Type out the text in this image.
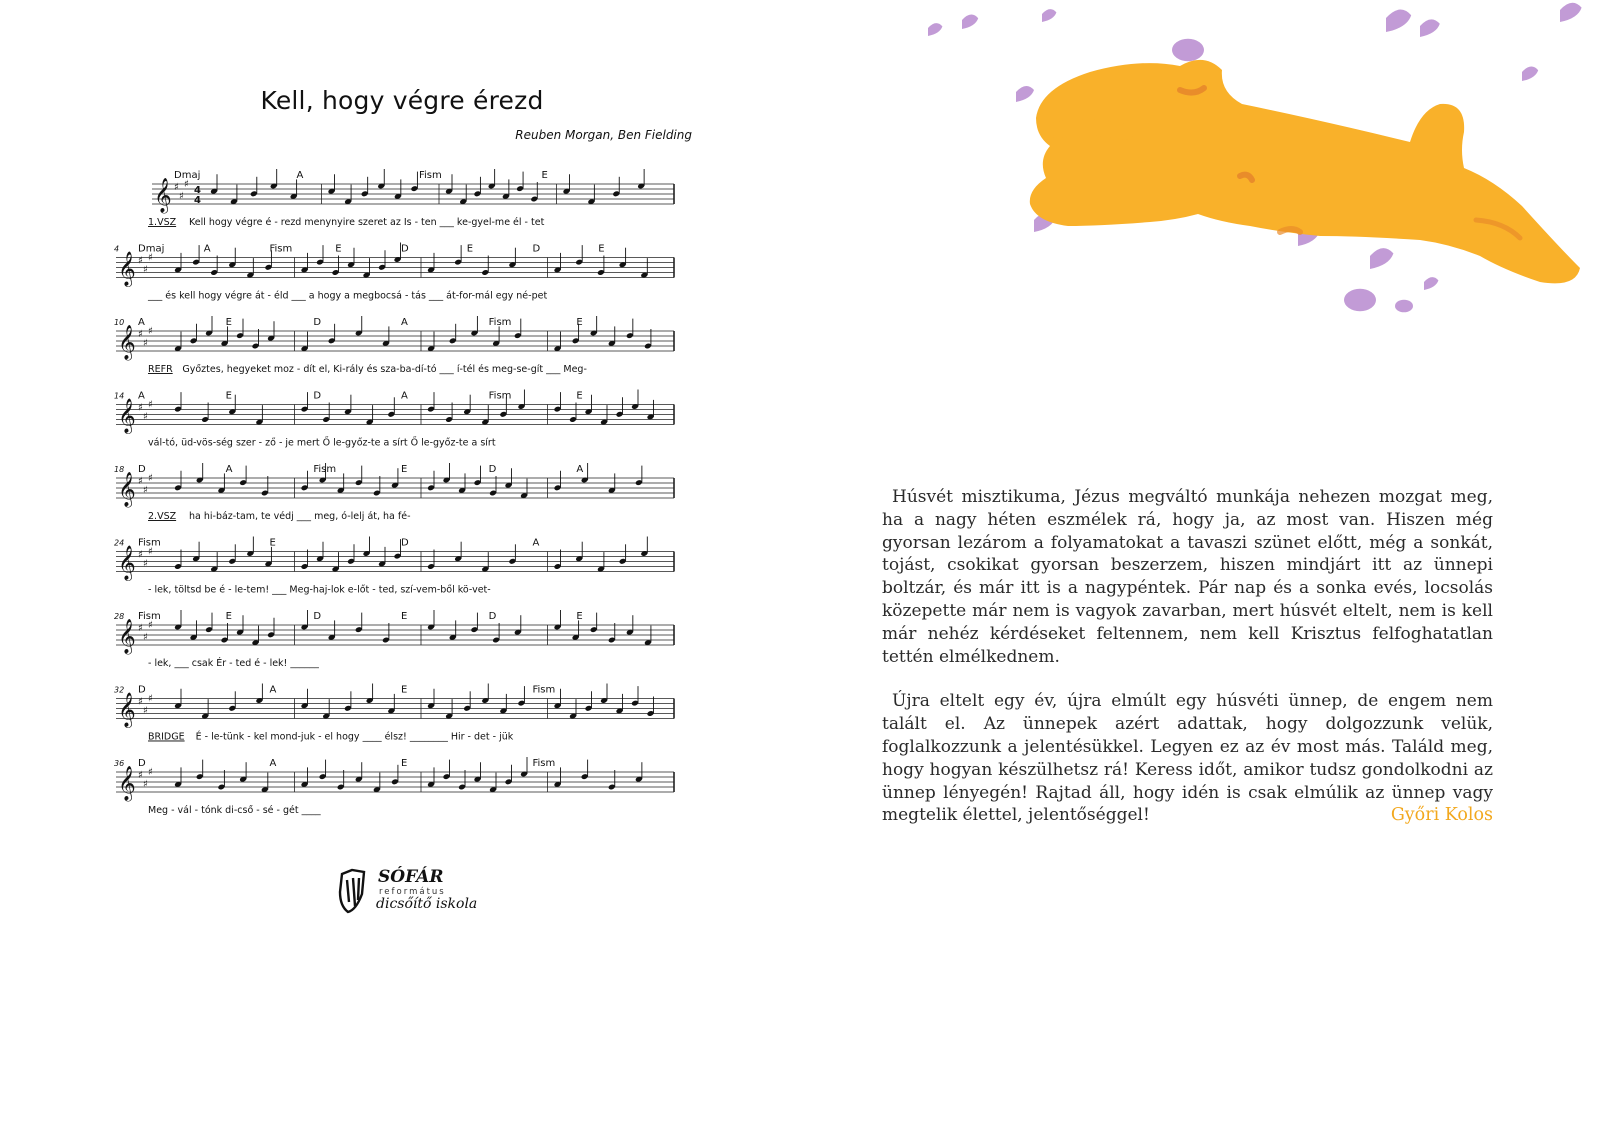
Kell, hogy végre érezd
Reuben Morgan, Ben Fielding
𝄞 ♯
♯
♯
4
4
Dmaj	A	Fism	E
1.VSZ Kell hogy végre é - rezd menynyire szeret az Is - ten ___ ke-gyel-me él - tet
4
𝄞 ♯
♯
♯
Dmaj	A	Fism	E	D	E	D	E
___ és kell hogy végre át - éld ___ a hogy a megbocsá - tás ___ át-for-mál egy né-pet
10
𝄞 ♯
♯
♯
A	E	D	A	Fism	E
REFR Győztes, hegyeket moz - dít el, Ki-rály és sza-ba-dí-tó ___ í-tél és meg-se-gít ___ Meg-
14
𝄞 ♯
♯
♯
A	E	D	A	Fism	E
vál-tó, üd-vös-ség szer - ző - je mert Ő le-győz-te a sírt Ő le-győz-te a sírt
18
𝄞 ♯
♯
♯
D	A	Fism	E	D	A
2.VSZ ha hi-báz-tam, te védj ___ meg, ó-lelj át, ha fé-
24
𝄞 ♯
♯
♯
Fism	E	D	A
- lek, töltsd be é - le-tem! ___ Meg-haj-lok e-lőt - ted, szí-vem-ből kö-vet-
28
𝄞 ♯
♯
♯
Fism	E	D	E	D	E
- lek, ___ csak Ér - ted é - lek! ______
32
𝄞 ♯
♯
♯
D	A	E	Fism
BRIDGE É - le-tünk - kel mond-juk - el hogy ____ élsz! ________ Hir - det - jük
36
𝄞 ♯
♯
♯
D	A	E	Fism
Meg - vál - tónk di-cső - sé - gét ____
SÓFÁR
református
dicsőítő iskola

Húsvét misztikuma, Jézus megváltó munkája nehezen mozgat meg, ha a nagy héten eszmélek rá, hogy ja, az most van. Hiszen még gyorsan lezárom a folyamatokat a tavaszi szünet előtt, még a sonkát, tojást, csokikat gyorsan beszerzem, hiszen mindjárt itt az ünnepi boltzár, és már itt is a nagypéntek. Pár nap és a sonka evés, locsolás közepette már nem is vagyok zavarban, mert húsvét eltelt, nem is kell már nehéz kérdéseket feltennem, nem kell Krisztus felfoghatatlan tettén elmélkednem.

Újra eltelt egy év, újra elmúlt egy húsvéti ünnep, de engem nem talált el. Az ünnepek azért adattak, hogy dolgozzunk velük, foglalkozzunk a jelentésükkel. Legyen ez az év most más. Találd meg, hogy hogyan készülhetsz rá! Keress időt, amikor tudsz gondolkodni az ünnep lényegén! Rajtad áll, hogy idén is csak elmúlik az ünnep vagy megtelik élettel, jelentőséggel!	Győri Kolos
